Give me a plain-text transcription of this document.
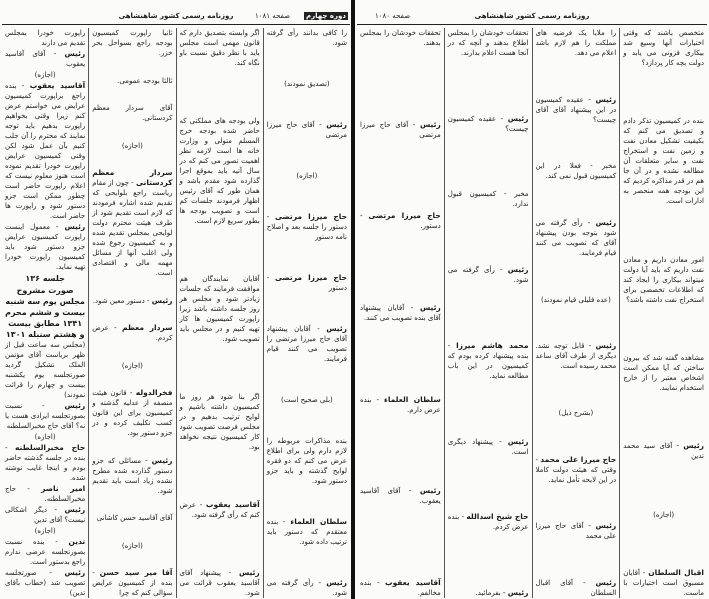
روزنامه رسمی کشور شاهنشاهی	صفحه ۱۰۸۱ دوره چهارم

را کافی بدانند رأی گرفته شود.

(تصدیق نمودند)

رئیس - آقای حاج میرزا مرتضی

(اجازه)

حاج میرزا مرتضی - دستور را جلسه بعد و اصلاح نامه دستور

حاج میرزا مرتضی - دستور

رئیس - آقایان پیشنهاد آقای حاج میرزا مرتضی را تصویب می کنند قیام فرمایند.

(بلی صحیح است)

بنده مذاکرات مربوطه را لازم دارم ولی برای اطلاع عرض می کنم که دو فقره لوایح گذشته و باید جزو دستور شود.

سلطان العلماء - بنده معتقدم که دستور باید ترتیب داده شود.

رئیس - رأی گرفته می شود.

اگر وابسته بتصدیق دارم که قانون مهمی است مجلس باید با نظر دقیق نسبت باو نگاه کند.

ولی بودجه های مملکتی که حاضر شده بودجه خرج المسلم متولی و وزارت خانه ها است لازمه نظر اهمیت تصور می کنم که در سال آتیه باید بموقع اجرا گذارده شود مقدم باشد و همان طور که آقای رئیس اظهار فرمودند جلسات کم است و تصویب بودجه ها بطور سریع لازم است.

آقایان نمایندگان هم موافقت فرمایند که جلسات زیادتر شود و مجلس هر روز جلسه داشته باشد زیرا راپورت کمیسیون ها کار تهیه کنیم و در مجلس باید تصویب شود.

اگر بنا شود هر روز ما کمیسیون داشته باشیم و لوایح ترتیب بدهیم و در مجلس فرصت تصویب شود کار کمیسیون نتیجه نخواهد بود.

آقاسید یعقوب - عرض کنم که رأی گرفته شود.

رئیس - پیشنهاد آقای آقاسید یعقوب قرائت می شود.

ثانیا راپورت کمیسیون بودجه راجع بسواحل بحر خزر.

ثالثا بودجه عمومی.

آقای سردار معظم کردستانی.

(اجازه)

سردار معظم کردستانی - چون از مقام ریاست راجع بلوایحی که تقدیم شده اشاره فرمودند که لازم است تقدیم شود از طرف هیئت محترم دولت لوایحی بمجلس تقدیم شده و به کمیسیون رجوع شده ولی اغلب آنها از مسائل مهمه مالی و اقتصادی است.

رئیس - دستور معین شود.

سردار معظم - عرض کردم.

(اجازه)

فخرالدوله - قانون هیئت منصفه از عدلیه گذشته و کمیسیون برای این قانون کسب تکلیف کرده و در جزو دستور بود.

رئیس - مسائلی که جزو دستور گذارده شده مطرح نشده زیاد است باید تقدیم شود.

آقای آقاسید حسن کاشانی

(اجازه)

آقا میر سید حسن - بنده از کمیسیون عرایض سؤالی کنم که چرا

راپورت خودرا بمجلس تقدیم می دارند

رئیس - آقای آقاسید یعقوب

(اجازه)

آقاسید یعقوب - بنده راجع براپورت کمیسیون عرایض می خواستم عرض کنم زیرا وقتی بخواهیم راپورت بدهیم باید توجه نمایند که محترم را آن جلب کنیم بآن عمل شود لکن وقتی کمیسیون عرایض راپورت خودرا تقدیم نموده است هنوز معلوم نیست که اعلام راپورت حاضر است چطور ممکن است جزو دستور شود و راپورت ها حاضر است.

رئیس - معمول اینست راپورت کمیسیون عرایض جزو دستور شود باید کمیسیون راپورت خودرا تهیه نماید.

جلسه ۱۳۶

صورت مشروح مجلس یوم سه شنبه بیست و ششم محرم ۱۳۴۱ مطابق بیست و هشتم سنبله ۱۳۰۱

(مجلس سه ساعت قبل از ظهر بریاست آقای مؤتمن الملک تشکیل گردید صورتجلسه یوم یکشنبه بیست و چهارم را قرائت نمودند)

رئیس - نسبت بصورتجلسه ایرادی هست یا نه؟ آقای حاج مخبرالسلطنه

(اجازه)

حاج مخبرالسلطنه - بنده در جلسه گذشته حاضر بودم و اینجا غایب نوشته شده.

امیر ناصر - حاج مخبرالسلطنه.

رئیس - دیگر اشکالی نیست؟ آقای تدین

(اجازه)

تدین - بنده نسبت بصورتجلسه عرضی ندارم راجع بدستور است.

رئیس - صورتجلسه تصویب شد (خطاب بآقای تدین)

روزنامه رسمی کشور شاهنشاهی
صفحه ۱۰۸۰

متخصص باشند که وقتی اختیارات آنها وسیع شد بیکاری فزونی می یابد و دولت بچه کار پردازد؟

بنده در کمیسیون تذکر دادم و تصدیق می کنم که بکیفیت تشکیل معادن نفت و زمین نفت و استخراج نفت و سایر متعلقات آن مطالعه نشده و در آن جا هم در قدر مذاکره کردیم که این بودجه همه منحصر به ادارات است.

امور معادن داریم و معادن نفت داریم که باید آیا دولت میتواند بیکاری را ایجاد کند که اطلاعات تخصصی برای استخراج نفت داشته باشد؟

مشاهده گفته شد که بیرون ساختن که آیا ممکن است اشخاص معتبر را از خارج استخدام نمایند.

رئیس - آقای سید محمد تدین

(اجازه)

اقبال السلطان - آقایان مسبوق است اختیارات با ماست.

را ملایا یک فرضیه های مملکت را هم لازم باشد اعلام می دهد.

رئیس - عقیده کمیسیون در این پیشنهاد آقای آقای چیست؟

مخبر - فعلا در این کمیسیون قبول نمی کند.

رئیس - رأی گرفته می شود بتوجه بودن پیشنهاد آقای که تصویب می کنند قیام فرمایند.

(عده قلیلی قیام نمودند)

رئیس - قابل توجه نشد. دیگری از طرف آقای ساعد محمد رسیده است.

(بشرح ذیل)

حاج میرزا علی محمد - وقتی که هیئت دولت کاملا در این لایحه تأمل نماید.

رئیس - آقای حاج میرزا علی محمد

رئیس - آقای اقبال السلطان

تحققات خودشان را بمجلس اطلاع بدهند و آنچه که در آنجا هست اعلام بدارند.

رئیس - عقیده کمیسیون چیست؟

مخبر - کمیسیون قبول ندارد.

رئیس - رأی گرفته می شود.

محمد هاشم میرزا - بنده پیشنهاد کرده بودم که کمیسیون در این باب مطالعه نماید.

رئیس - پیشنهاد دیگری است.

حاج شیخ اسدالله - بنده عرض کردم.

رئیس - بفرمائید.

تحققات خودشان را بمجلس بدهند.

رئیس - آقای حاج میرزا مرتضی

حاج میرزا مرتضی - دستور.

رئیس - آقایان پیشنهاد آقای بنده تصویب می کنند.

سلطان العلماء - بنده عرض دارم.

رئیس - آقای آقاسید یعقوب.

آقاسید یعقوب - بنده مخالفم.
